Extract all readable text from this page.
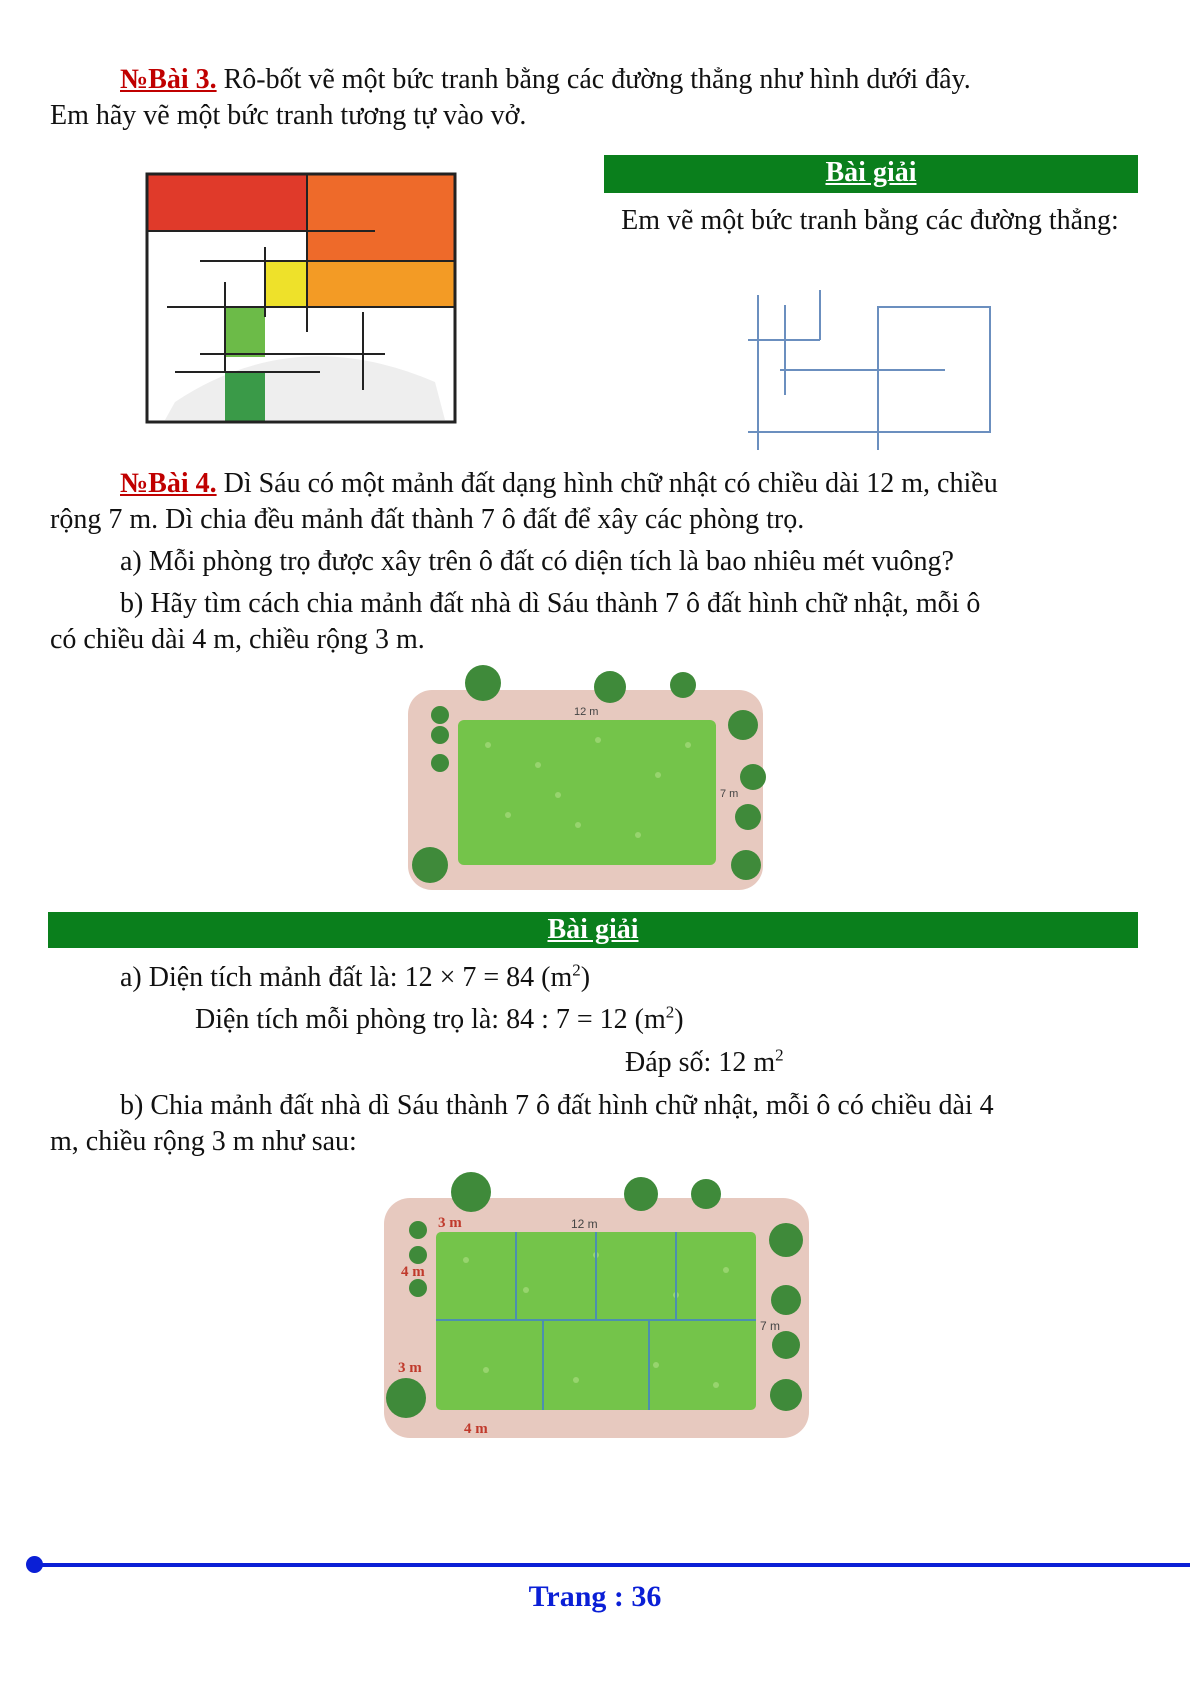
№Bài 3. Rô-bốt vẽ một bức tranh bằng các đường thẳng như hình dưới đây.
Em hãy vẽ một bức tranh tương tự vào vở.
Bài giải
Em vẽ một bức tranh bằng các đường thẳng:
№Bài 4. Dì Sáu có một mảnh đất dạng hình chữ nhật có chiều dài 12 m, chiều
rộng 7 m. Dì chia đều mảnh đất thành 7 ô đất để xây các phòng trọ.
a) Mỗi phòng trọ được xây trên ô đất có diện tích là bao nhiêu mét vuông?
b) Hãy tìm cách chia mảnh đất nhà dì Sáu thành 7 ô đất hình chữ nhật, mỗi ô
có chiều dài 4 m, chiều rộng 3 m.
12 m
7 m
Bài giải
a) Diện tích mảnh đất là: 12 × 7 = 84 $(m^2)$
Diện tích mỗi phòng trọ là: 84 : 7 = 12 $(m^2)$
Đáp số: 12 $m^2$
b) Chia mảnh đất nhà dì Sáu thành 7 ô đất hình chữ nhật, mỗi ô có chiều dài 4
m, chiều rộng 3 m như sau:
12 m
7 m
3 m
4 m
3 m
4 m
Trang : 36
